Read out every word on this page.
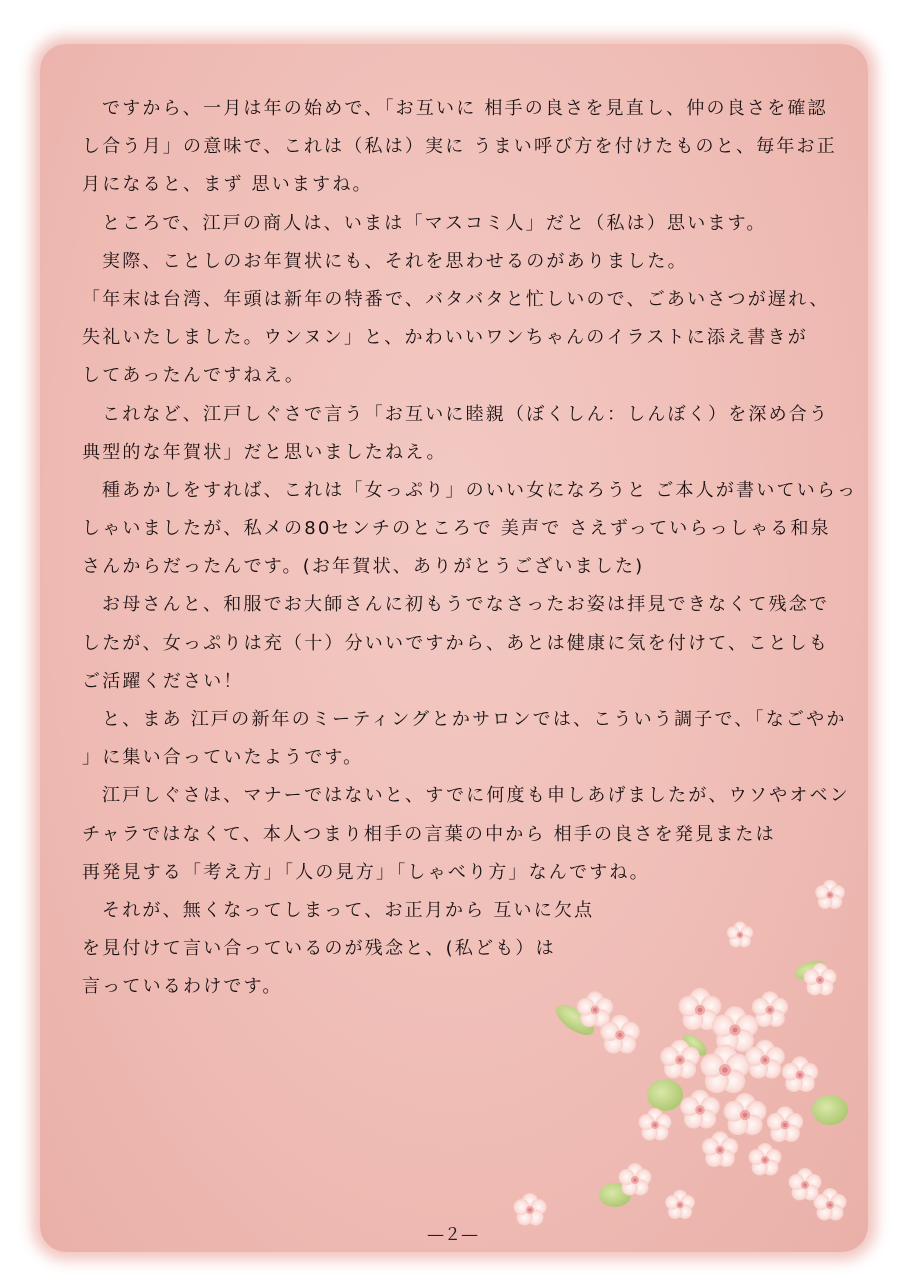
ですから、一月は年の始めで、「お互いに 相手の良さを見直し、仲の良さを確認
し合う月」の意味で、これは（私は）実に うまい呼び方を付けたものと、毎年お正
月になると、まず 思いますね。
ところで、江戸の商人は、いまは「マスコミ人」だと（私は）思います。
実際、ことしのお年賀状にも、それを思わせるのがありました。
「年末は台湾、年頭は新年の特番で、バタバタと忙しいので、ごあいさつが遅れ、
失礼いたしました。ウンヌン」と、かわいいワンちゃんのイラストに添え書きが
してあったんですねえ。
これなど、江戸しぐさで言う「お互いに睦親（ぼくしん：しんぼく）を深め合う
典型的な年賀状」だと思いましたねえ。
種あかしをすれば、これは「女っぷり」のいい女になろうと ご本人が書いていらっ
しゃいましたが、私メの80センチのところで 美声で さえずっていらっしゃる和泉
さんからだったんです。(お年賀状、ありがとうございました)
お母さんと、和服でお大師さんに初もうでなさったお姿は拝見できなくて残念で
したが、女っぷりは充（十）分いいですから、あとは健康に気を付けて、ことしも
ご活躍ください！
と、まあ 江戸の新年のミーティングとかサロンでは、こういう調子で、「なごやか
」に集い合っていたようです。
江戸しぐさは、マナーではないと、すでに何度も申しあげましたが、ウソやオベン
チャラではなくて、本人つまり相手の言葉の中から 相手の良さを発見または
再発見する「考え方」「人の見方」「しゃべり方」なんですね。
それが、無くなってしまって、お正月から 互いに欠点
を見付けて言い合っているのが残念と、(私ども）は
言っているわけです。
—２—
